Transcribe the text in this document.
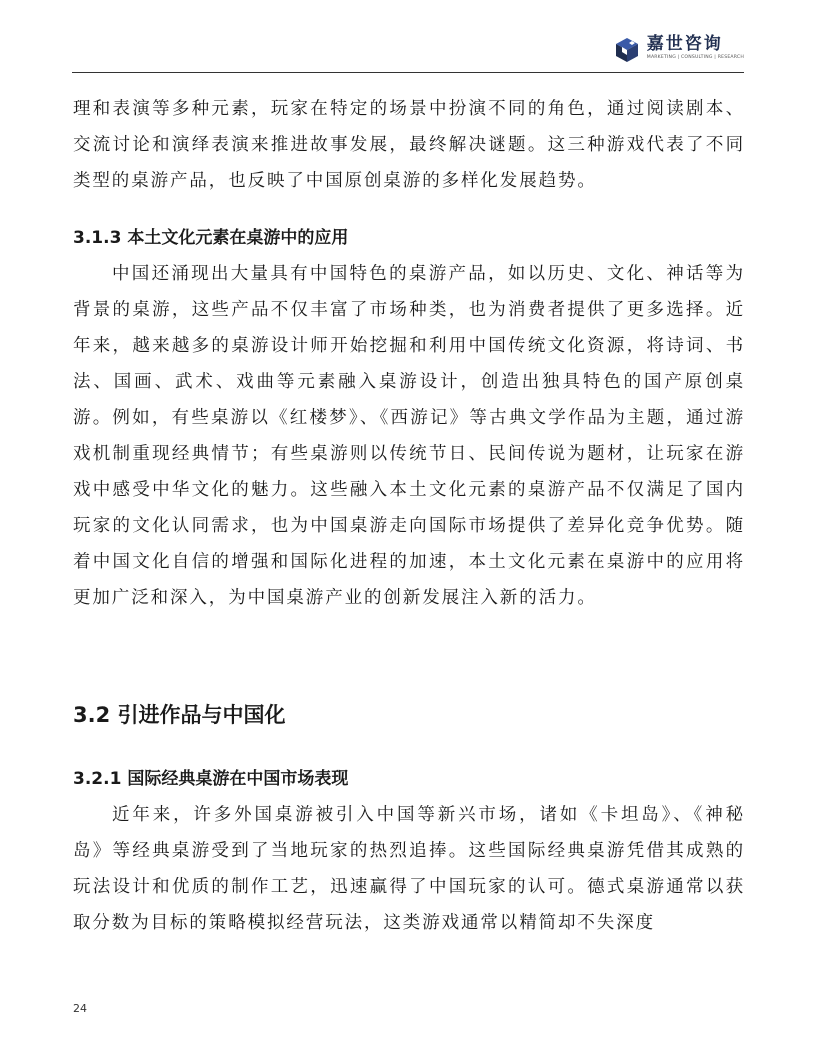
嘉世咨询
MARKETING | CONSULTING | RESEARCH

理和表演等多种元素，玩家在特定的场景中扮演不同的角色，通过阅读剧本、交流讨论和演绎表演来推进故事发展，最终解决谜题。这三种游戏代表了不同类型的桌游产品，也反映了中国原创桌游的多样化发展趋势。

3.1.3 本土文化元素在桌游中的应用

中国还涌现出大量具有中国特色的桌游产品，如以历史、文化、神话等为背景的桌游，这些产品不仅丰富了市场种类，也为消费者提供了更多选择。近年来，越来越多的桌游设计师开始挖掘和利用中国传统文化资源，将诗词、书法、国画、武术、戏曲等元素融入桌游设计，创造出独具特色的国产原创桌游。例如，有些桌游以《红楼梦》、《西游记》等古典文学作品为主题，通过游戏机制重现经典情节；有些桌游则以传统节日、民间传说为题材，让玩家在游戏中感受中华文化的魅力。这些融入本土文化元素的桌游产品不仅满足了国内玩家的文化认同需求，也为中国桌游走向国际市场提供了差异化竞争优势。随着中国文化自信的增强和国际化进程的加速，本土文化元素在桌游中的应用将更加广泛和深入，为中国桌游产业的创新发展注入新的活力。

3.2 引进作品与中国化
3.2.1 国际经典桌游在中国市场表现

近年来，许多外国桌游被引入中国等新兴市场，诸如《卡坦岛》、《神秘岛》等经典桌游受到了当地玩家的热烈追捧。这些国际经典桌游凭借其成熟的玩法设计和优质的制作工艺，迅速赢得了中国玩家的认可。德式桌游通常以获取分数为目标的策略模拟经营玩法，这类游戏通常以精简却不失深度

24
